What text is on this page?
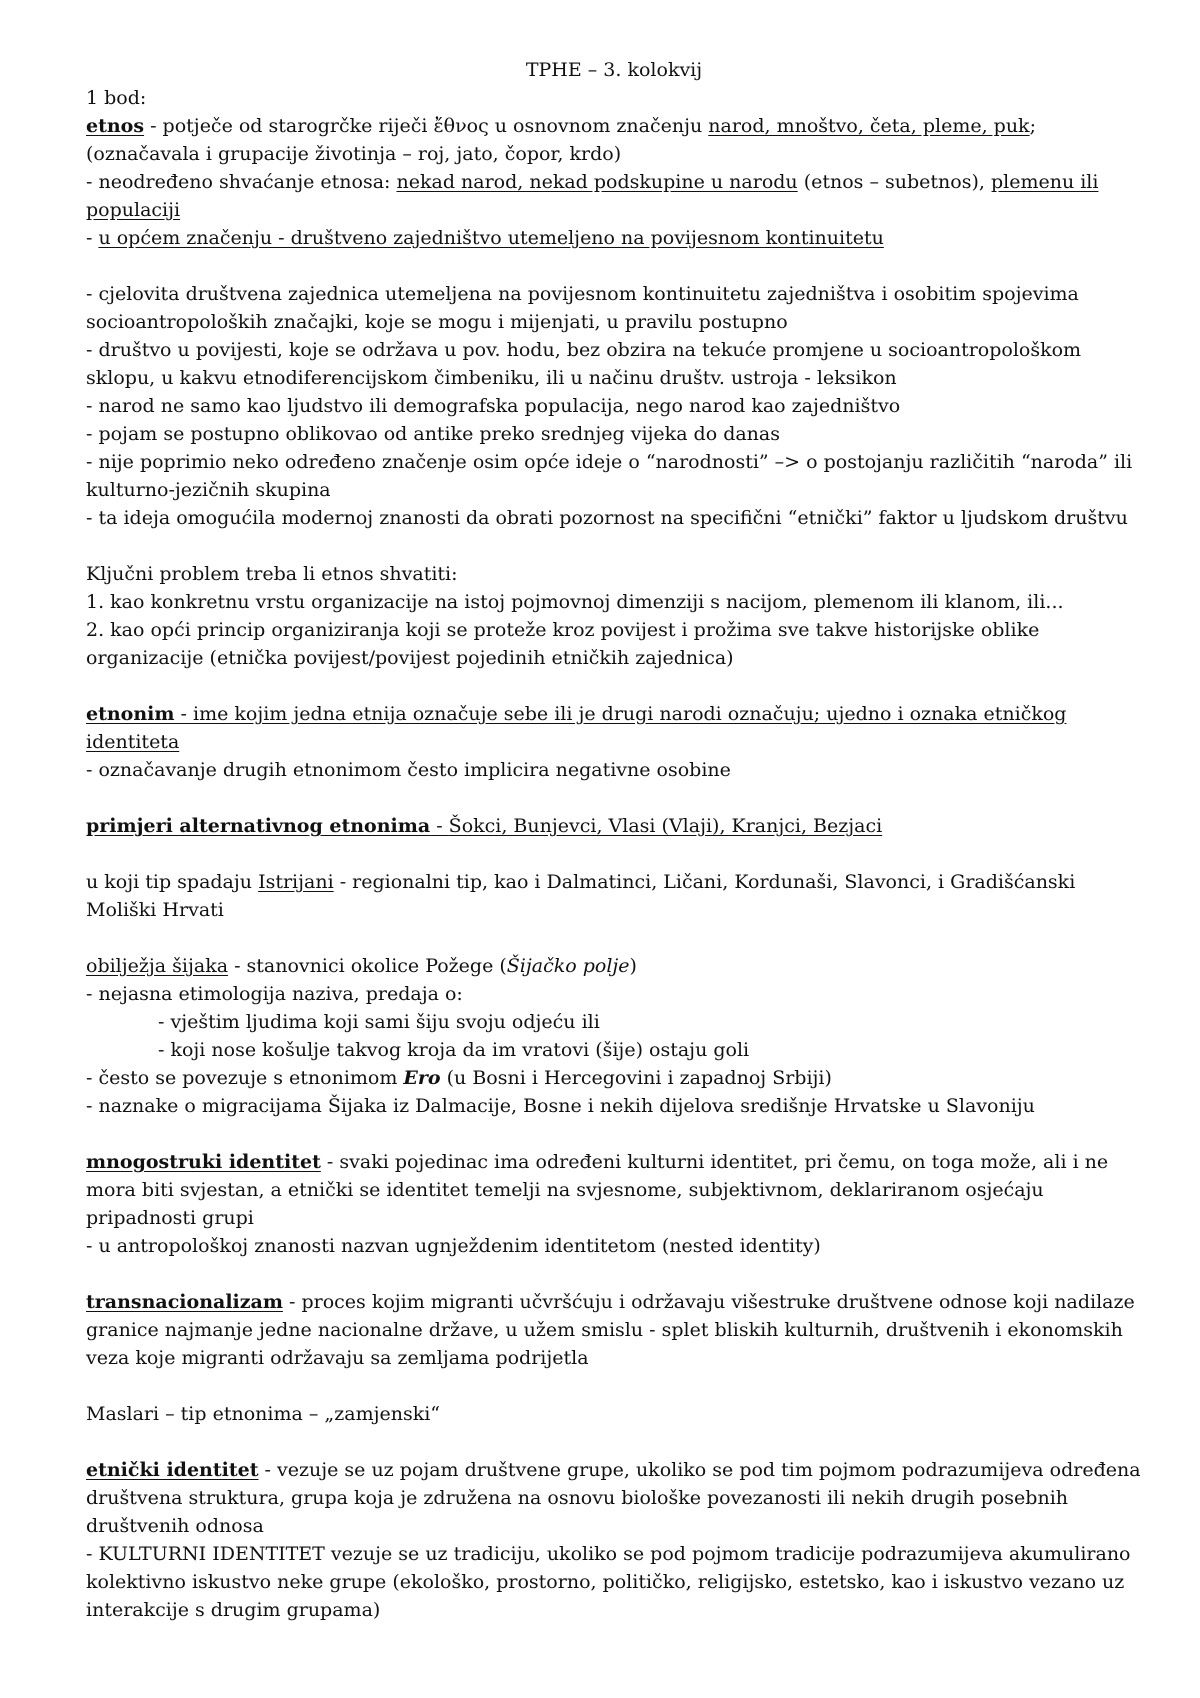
TPHE – 3. kolokvij

1 bod:

etnos - potječe od starogrčke riječi ἔθνος u osnovnom značenju narod, mnoštvo, četa, pleme, puk;

(označavala i grupacije životinja – roj, jato, čopor, krdo)

- neodređeno shvaćanje etnosa: nekad narod, nekad podskupine u narodu (etnos – subetnos), plemenu ili populaciji

- u općem značenju - društveno zajedništvo utemeljeno na povijesnom kontinuitetu

- cjelovita društvena zajednica utemeljena na povijesnom kontinuitetu zajedništva i osobitim spojevima socioantropoloških značajki, koje se mogu i mijenjati, u pravilu postupno

- društvo u povijesti, koje se održava u pov. hodu, bez obzira na tekuće promjene u socioantropološkom sklopu, u kakvu etnodiferencijskom čimbeniku, ili u načinu društv. ustroja - leksikon

- narod ne samo kao ljudstvo ili demografska populacija, nego narod kao zajedništvo

- pojam se postupno oblikovao od antike preko srednjeg vijeka do danas

- nije poprimio neko određeno značenje osim opće ideje o “narodnosti” –> o postojanju različitih “naroda” ili kulturno-jezičnih skupina

- ta ideja omogućila modernoj znanosti da obrati pozornost na specifični “etnički” faktor u ljudskom društvu

Ključni problem treba li etnos shvatiti:

1. kao konkretnu vrstu organizacije na istoj pojmovnoj dimenziji s nacijom, plemenom ili klanom, ili...

2. kao opći princip organiziranja koji se proteže kroz povijest i prožima sve takve historijske oblike organizacije (etnička povijest/povijest pojedinih etničkih zajednica)

etnonim - ime kojim jedna etnija označuje sebe ili je drugi narodi označuju; ujedno i oznaka etničkog identiteta

- označavanje drugih etnonimom često implicira negativne osobine

primjeri alternativnog etnonima - Šokci, Bunjevci, Vlasi (Vlaji), Kranjci, Bezjaci

u koji tip spadaju Istrijani - regionalni tip, kao i Dalmatinci, Ličani, Kordunaši, Slavonci, i Gradišćanski Moliški Hrvati

obilježja šijaka - stanovnici okolice Požege (Šijačko polje)

- nejasna etimologija naziva, predaja o:

- vještim ljudima koji sami šiju svoju odjeću ili

- koji nose košulje takvog kroja da im vratovi (šije) ostaju goli

- često se povezuje s etnonimom Ero (u Bosni i Hercegovini i zapadnoj Srbiji)

- naznake o migracijama Šijaka iz Dalmacije, Bosne i nekih dijelova središnje Hrvatske u Slavoniju

mnogostruki identitet - svaki pojedinac ima određeni kulturni identitet, pri čemu, on toga može, ali i ne mora biti svjestan, a etnički se identitet temelji na svjesnome, subjektivnom, deklariranom osjećaju pripadnosti grupi

- u antropološkoj znanosti nazvan ugnježdenim identitetom (nested identity)

transnacionalizam - proces kojim migranti učvršćuju i održavaju višestruke društvene odnose koji nadilaze granice najmanje jedne nacionalne države, u užem smislu - splet bliskih kulturnih, društvenih i ekonomskih veza koje migranti održavaju sa zemljama podrijetla

Maslari – tip etnonima – „zamjenski“

etnički identitet - vezuje se uz pojam društvene grupe, ukoliko se pod tim pojmom podrazumijeva određena društvena struktura, grupa koja je združena na osnovu biološke povezanosti ili nekih drugih posebnih društvenih odnosa

- KULTURNI IDENTITET vezuje se uz tradiciju, ukoliko se pod pojmom tradicije podrazumijeva akumulirano kolektivno iskustvo neke grupe (ekološko, prostorno, političko, religijsko, estetsko, kao i iskustvo vezano uz interakcije s drugim grupama)
